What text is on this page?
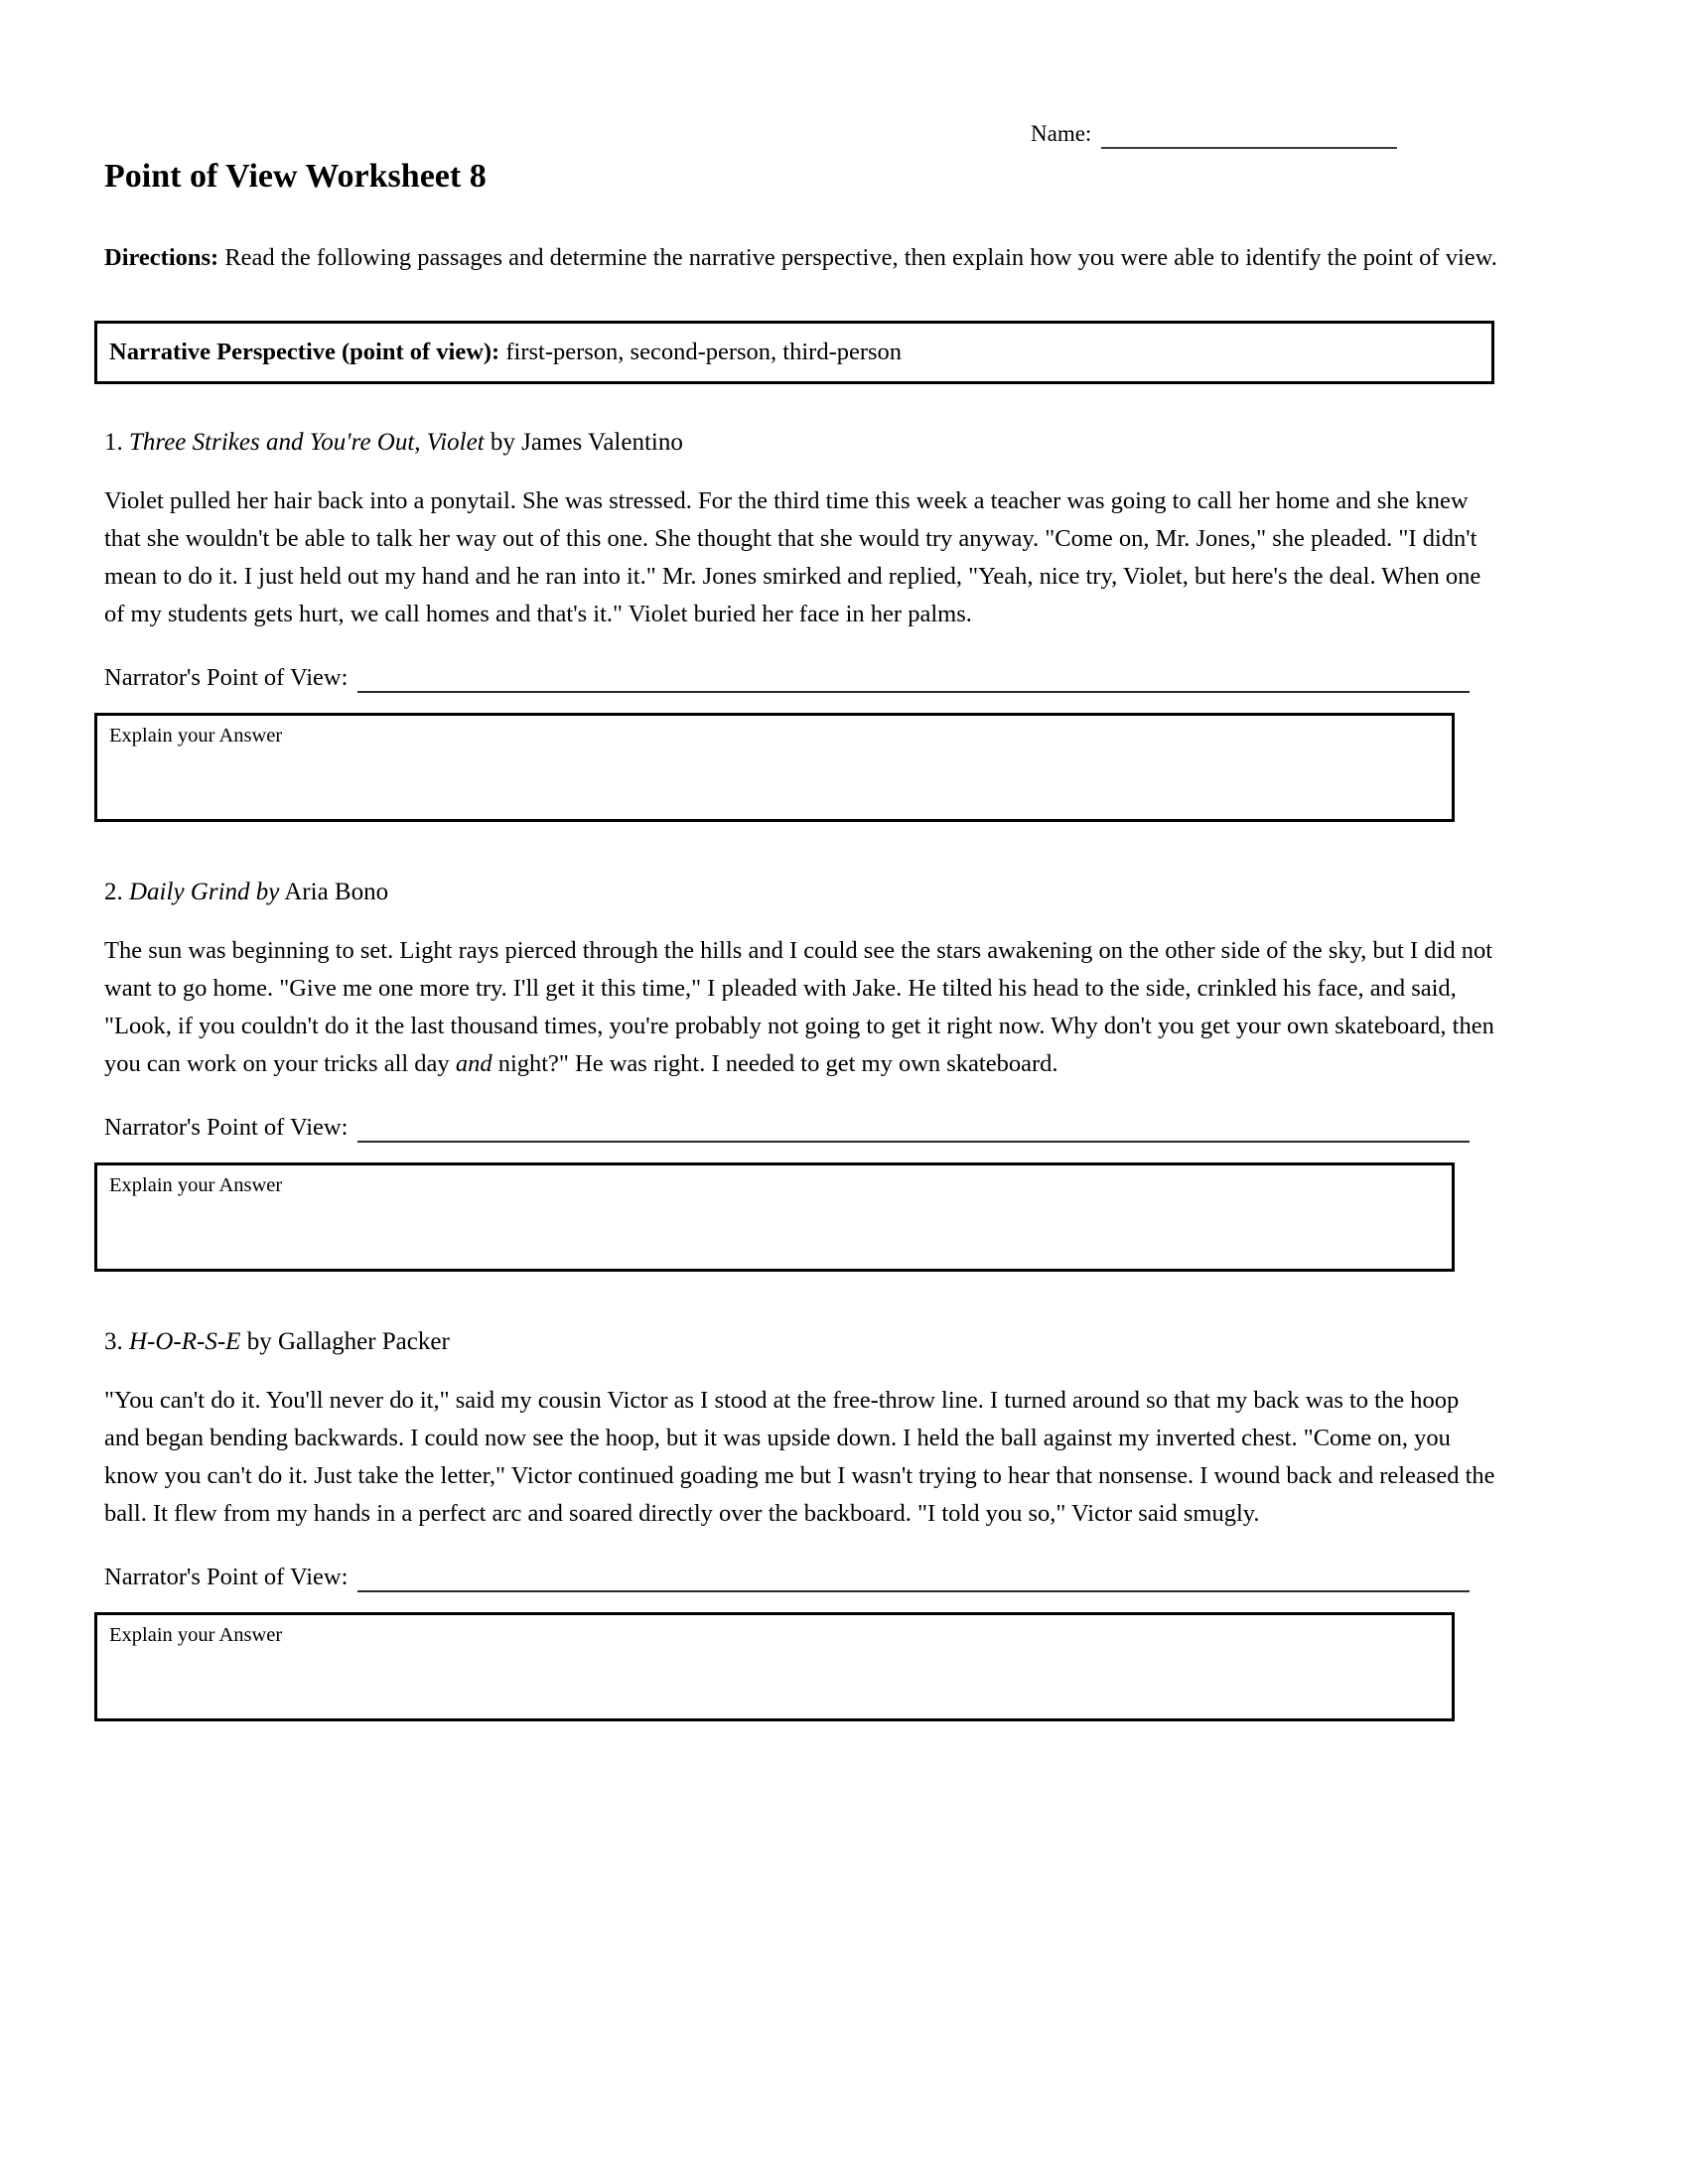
Name:
Point of View Worksheet 8

Directions: Read the following passages and determine the narrative perspective, then explain how you were able to identify the point of view.

Narrative Perspective (point of view): first-person, second-person, third-person

1. Three Strikes and You're Out, Violet by James Valentino

Violet pulled her hair back into a ponytail. She was stressed. For the third time this week a teacher was going to call her home and she knew that she wouldn't be able to talk her way out of this one. She thought that she would try anyway. "Come on, Mr. Jones," she pleaded. "I didn't mean to do it. I just held out my hand and he ran into it." Mr. Jones smirked and replied, "Yeah, nice try, Violet, but here's the deal. When one of my students gets hurt, we call homes and that's it." Violet buried her face in her palms.

Narrator's Point of View:
Explain your Answer

2. Daily Grind by Aria Bono

The sun was beginning to set. Light rays pierced through the hills and I could see the stars awakening on the other side of the sky, but I did not want to go home. "Give me one more try. I'll get it this time," I pleaded with Jake. He tilted his head to the side, crinkled his face, and said, "Look, if you couldn't do it the last thousand times, you're probably not going to get it right now. Why don't you get your own skateboard, then you can work on your tricks all day and night?" He was right. I needed to get my own skateboard.

Narrator's Point of View:
Explain your Answer

3. H-O-R-S-E by Gallagher Packer

"You can't do it. You'll never do it," said my cousin Victor as I stood at the free-throw line. I turned around so that my back was to the hoop and began bending backwards. I could now see the hoop, but it was upside down. I held the ball against my inverted chest. "Come on, you know you can't do it. Just take the letter," Victor continued goading me but I wasn't trying to hear that nonsense. I wound back and released the ball. It flew from my hands in a perfect arc and soared directly over the backboard. "I told you so," Victor said smugly.

Narrator's Point of View:
Explain your Answer
